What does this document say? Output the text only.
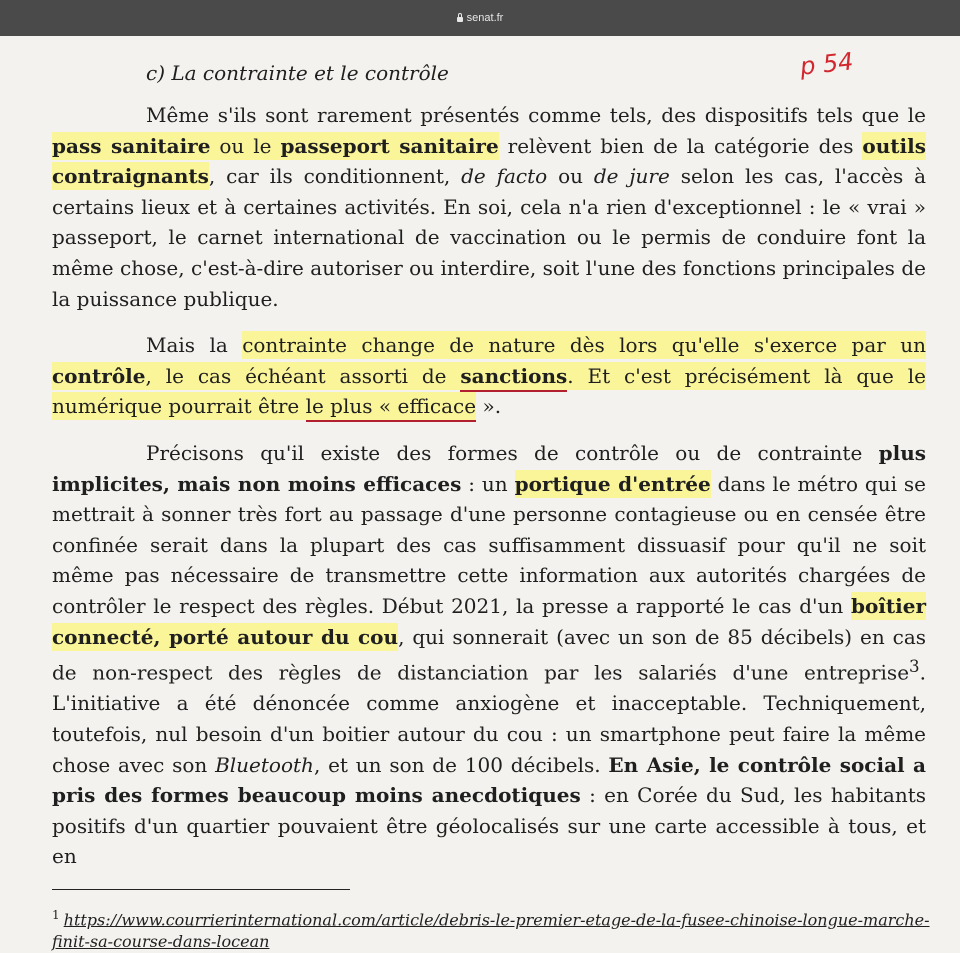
senat.fr
p 54
c) La contrainte et le contrôle

Même s'ils sont rarement présentés comme tels, des dispositifs tels que le pass sanitaire ou le passeport sanitaire relèvent bien de la catégorie des outils contraignants, car ils conditionnent, de facto ou de jure selon les cas, l'accès à certains lieux et à certaines activités. En soi, cela n'a rien d'exceptionnel : le « vrai » passeport, le carnet international de vaccination ou le permis de conduire font la même chose, c'est-à-dire autoriser ou interdire, soit l'une des fonctions principales de la puissance publique.

Mais la contrainte change de nature dès lors qu'elle s'exerce par un contrôle, le cas échéant assorti de sanctions. Et c'est précisément là que le numérique pourrait être le plus « efficace ».

Précisons qu'il existe des formes de contrôle ou de contrainte plus implicites, mais non moins efficaces : un portique d'entrée dans le métro qui se mettrait à sonner très fort au passage d'une personne contagieuse ou en censée être confinée serait dans la plupart des cas suffisamment dissuasif pour qu'il ne soit même pas nécessaire de transmettre cette information aux autorités chargées de contrôler le respect des règles. Début 2021, la presse a rapporté le cas d'un boîtier connecté, porté autour du cou, qui sonnerait (avec un son de 85 décibels) en cas de non-respect des règles de distanciation par les salariés d'une entreprise$^3$. L'initiative a été dénoncée comme anxiogène et inacceptable. Techniquement, toutefois, nul besoin d'un boitier autour du cou : un smartphone peut faire la même chose avec son Bluetooth, et un son de 100 décibels. En Asie, le contrôle social a pris des formes beaucoup moins anecdotiques : en Corée du Sud, les habitants positifs d'un quartier pouvaient être géolocalisés sur une carte accessible à tous, et en

$^1$ https://www.courrierinternational.com/article/debris-le-premier-etage-de-la-fusee-chinoise-longue-marche-finit-sa-course-dans-locean
